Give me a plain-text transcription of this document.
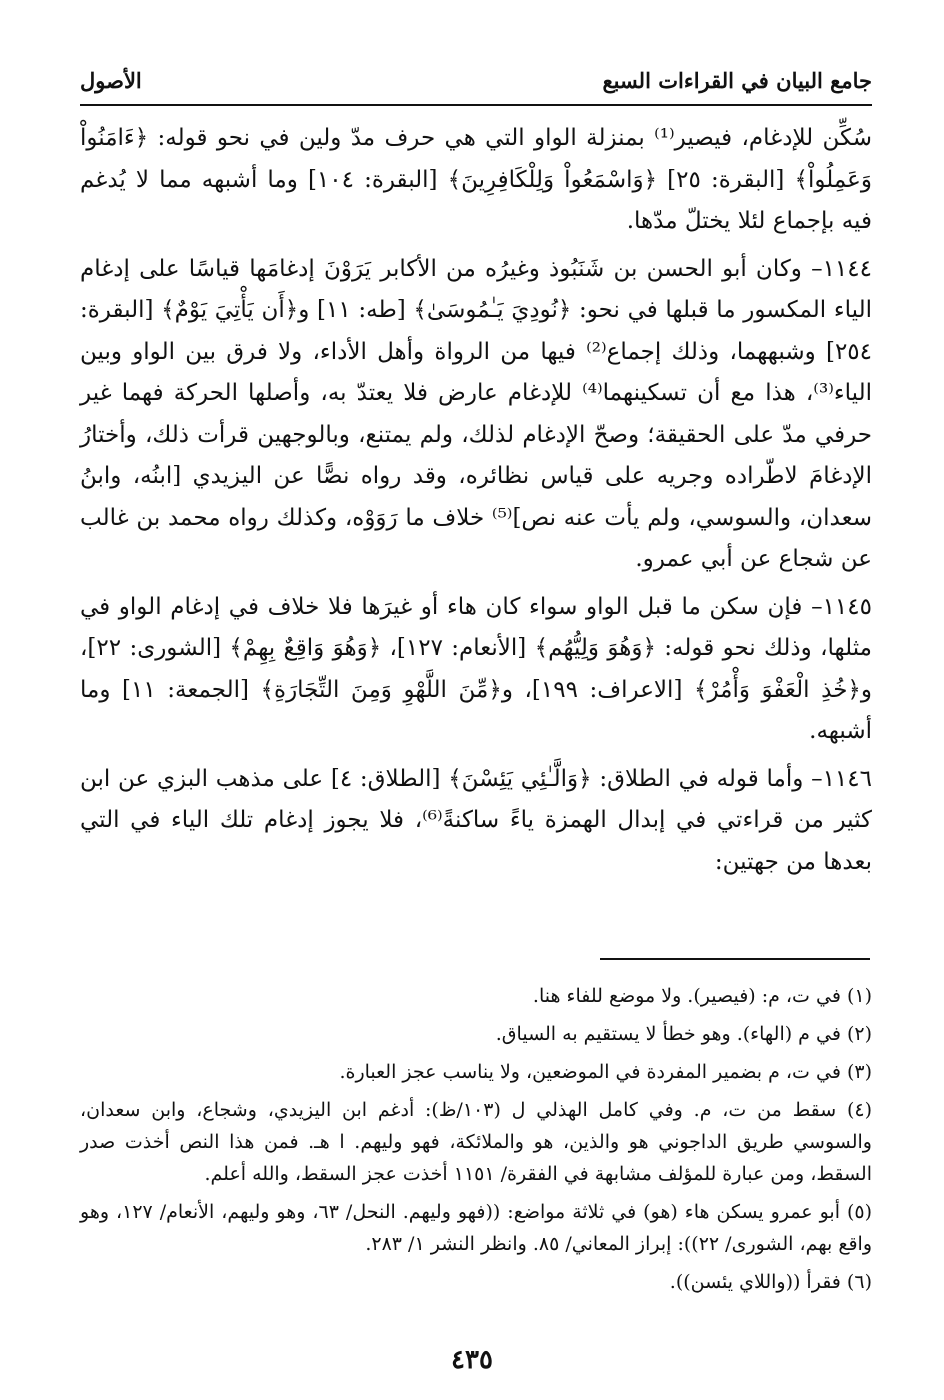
جامع البيان في القراءات السبع
الأصول

سُكِّن للإدغام، فيصير⁽¹⁾ بمنزلة الواو التي هي حرف مدّ ولين في نحو قوله: ﴿ءَامَنُواْ وَعَمِلُواْ﴾ [البقرة: ٢٥] ﴿وَاسْمَعُواْ وَلِلْكَافِرِينَ﴾ [البقرة: ١٠٤] وما أشبهه مما لا يُدغم فيه بإجماع لئلا يختلّ مدّها.

١١٤٤– وكان أبو الحسن بن شَنَبُوذ وغيرُه من الأكابر يَرَوْنَ إدغامَها قياسًا على إدغام الياء المكسور ما قبلها في نحو: ﴿نُودِيَ يَـٰمُوسَىٰ﴾ [طه: ١١] و﴿أَن يَأْتِيَ يَوْمٌ﴾ [البقرة: ٢٥٤] وشبههما، وذلك إجماع⁽²⁾ فيها من الرواة وأهل الأداء، ولا فرق بين الواو وبين الياء⁽³⁾، هذا مع أن تسكينهما⁽⁴⁾ للإدغام عارض فلا يعتدّ به، وأصلها الحركة فهما غير حرفي مدّ على الحقيقة؛ وصحّ الإدغام لذلك، ولم يمتنع، وبالوجهين قرأت ذلك، وأختارُ الإدغامَ لاطّراده وجريه على قياس نظائره، وقد رواه نصًّا عن اليزيدي [ابنُه، وابنُ سعدان، والسوسي، ولم يأت عنه نص]⁽⁵⁾ خلاف ما رَوَوْه، وكذلك رواه محمد بن غالب عن شجاع عن أبي عمرو.

١١٤٥– فإن سكن ما قبل الواو سواء كان هاء أو غيرَها فلا خلاف في إدغام الواو في مثلها، وذلك نحو قوله: ﴿وَهُوَ وَلِيُّهُم﴾ [الأنعام: ١٢٧]، ﴿وَهُوَ وَاقِعٌ بِهِمْ﴾ [الشورى: ٢٢]، و﴿خُذِ الْعَفْوَ وَأْمُرْ﴾ [الاعراف: ١٩٩]، و﴿مِّنَ اللَّهْوِ وَمِنَ التِّجَارَةِ﴾ [الجمعة: ١١] وما أشبهه.

١١٤٦– وأما قوله في الطلاق: ﴿وَالَّـٰئِي يَئِسْنَ﴾ [الطلاق: ٤] على مذهب البزي عن ابن كثير من قراءتي في إبدال الهمزة ياءً ساكنةً⁽⁶⁾، فلا يجوز إدغام تلك الياء في التي بعدها من جهتين:

(١) في ت، م: (فيصير). ولا موضع للفاء هنا.

(٢) في م (الهاء). وهو خطأ لا يستقيم به السياق.

(٣) في ت، م بضمير المفردة في الموضعين، ولا يناسب عجز العبارة.

(٤) سقط من ت، م. وفي كامل الهذلي ل (١٠٣/ظ): أدغم ابن اليزيدي، وشجاع، وابن سعدان، والسوسي طريق الداجوني هو والذين، هو والملائكة، فهو وليهم. ا هـ. فمن هذا النص أخذت صدر السقط، ومن عبارة للمؤلف مشابهة في الفقرة/ ١١٥١ أخذت عجز السقط، والله أعلم.

(٥) أبو عمرو يسكن هاء (هو) في ثلاثة مواضع: ((فهو وليهم. النحل/ ٦٣، وهو وليهم، الأنعام/ ١٢٧، وهو واقع بهم، الشورى/ ٢٢)): إبراز المعاني/ ٨٥. وانظر النشر ١/ ٢٨٣.

(٦) فقرأ ((واللاي يئسن)).

٤٣٥
